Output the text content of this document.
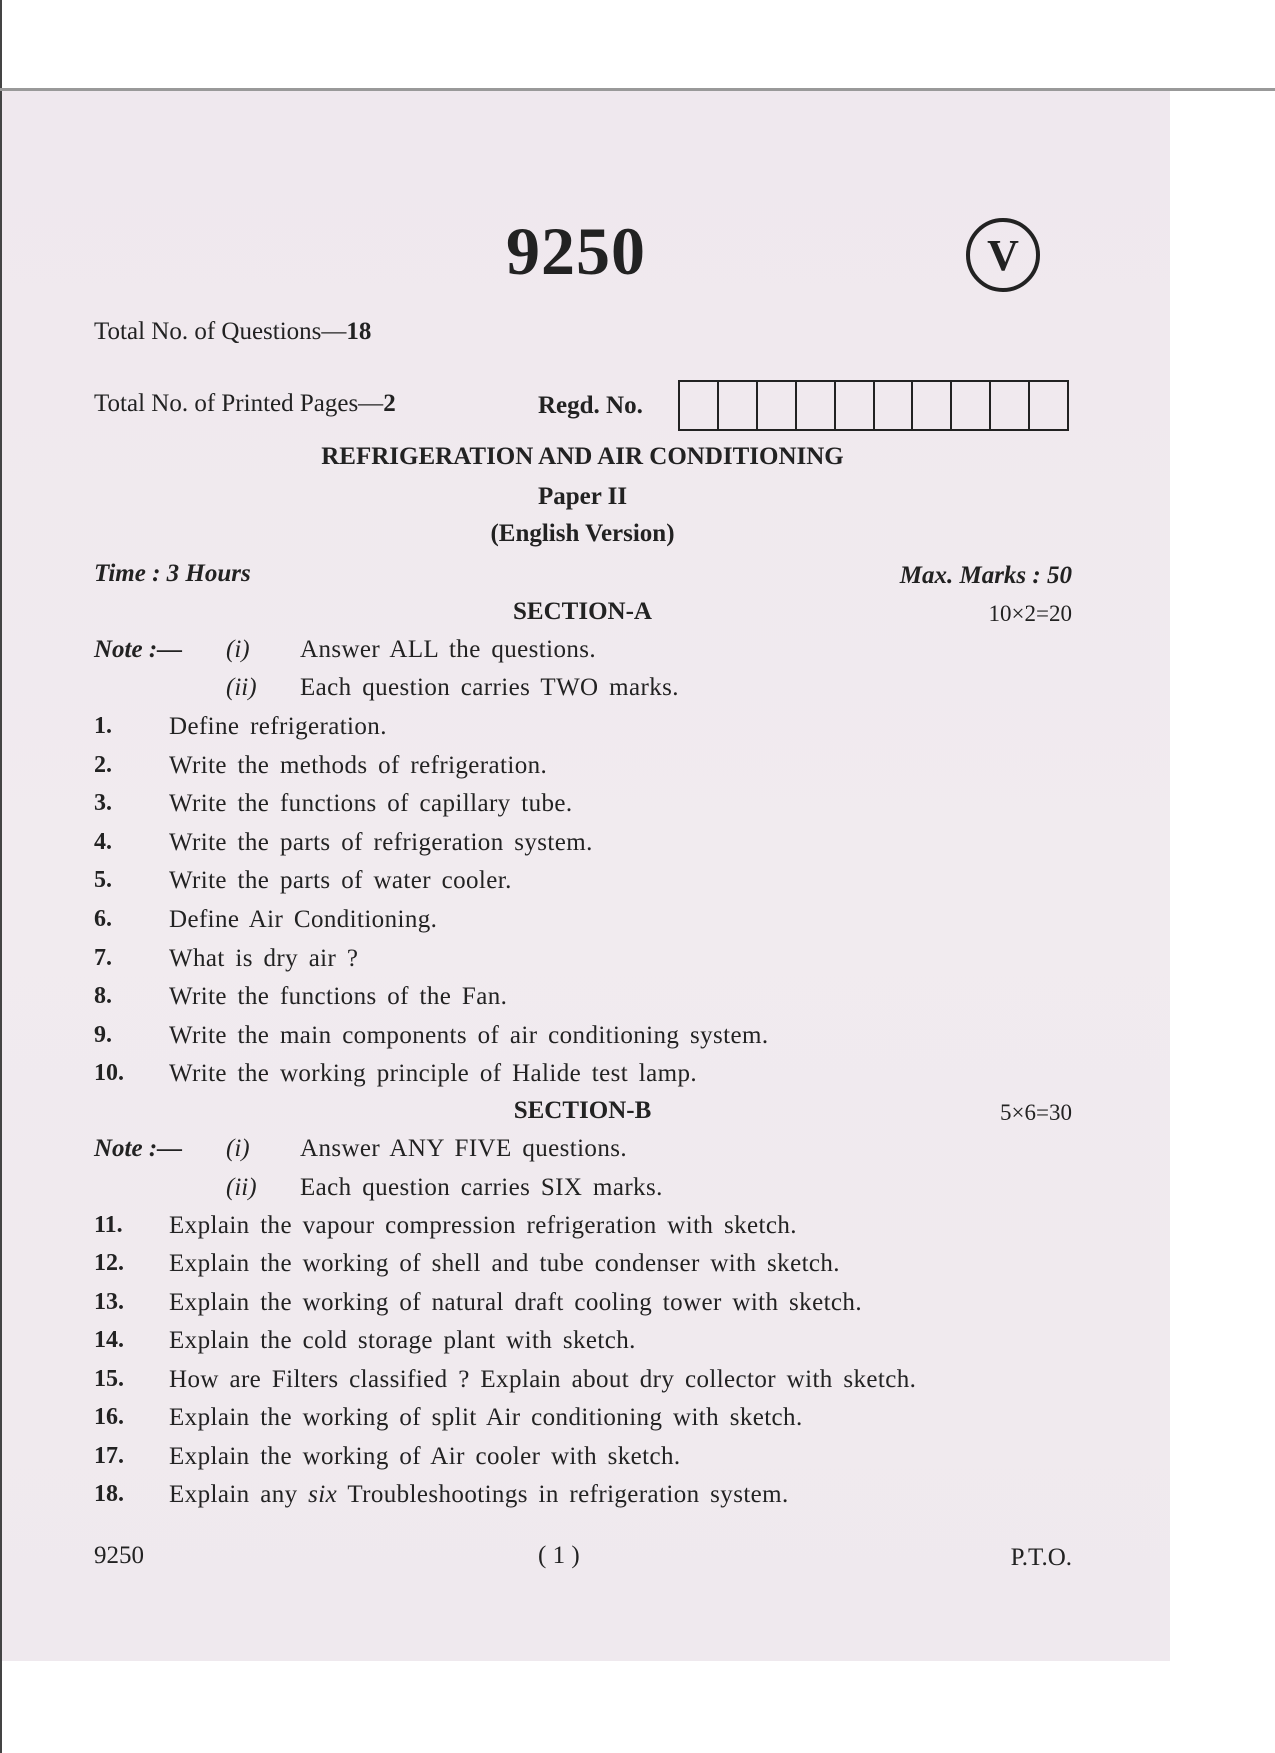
9250	V
Total No. of Questions—18
Total No. of Printed Pages—2	Regd. No.
REFRIGERATION AND AIR CONDITIONING
Paper II
(English Version)
Time : 3 Hours	Max. Marks : 50
SECTION-A	10×2=20
Note :— (i) Answer ALL the questions.
(ii) Each question carries TWO marks.
1. Define refrigeration.
2. Write the methods of refrigeration.
3. Write the functions of capillary tube.
4. Write the parts of refrigeration system.
5. Write the parts of water cooler.
6. Define Air Conditioning.
7. What is dry air ?
8. Write the functions of the Fan.
9. Write the main components of air conditioning system.
10. Write the working principle of Halide test lamp.
SECTION-B	5×6=30
Note :— (i) Answer ANY FIVE questions.
(ii) Each question carries SIX marks.
11. Explain the vapour compression refrigeration with sketch.
12. Explain the working of shell and tube condenser with sketch.
13. Explain the working of natural draft cooling tower with sketch.
14. Explain the cold storage plant with sketch.
15. How are Filters classified ? Explain about dry collector with sketch.
16. Explain the working of split Air conditioning with sketch.
17. Explain the working of Air cooler with sketch.
18. Explain any six Troubleshootings in refrigeration system.
9250	( 1 )	P.T.O.
